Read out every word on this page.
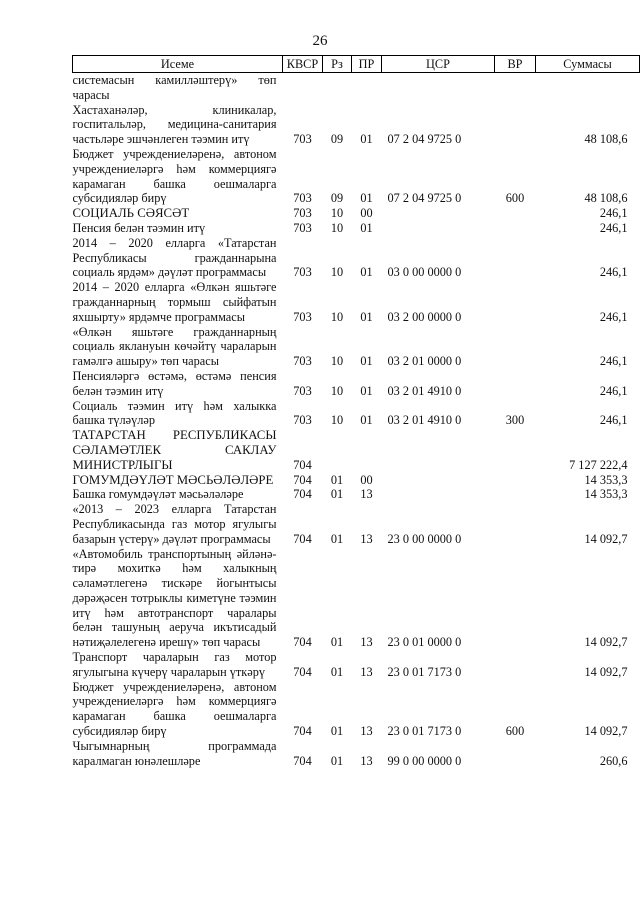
26
Исеме	КВСР	Рз	ПР	ЦСР	ВР	Суммасы
системасын камилләштерү» төп чарасы						
Хастаханәләр, клиникалар, госпитальләр, медицина-санитария частьләре эшчәнлеген тәэмин итү	703	09	01	07 2 04 9725 0		48 108,6
Бюджет учреждениеләренә, автоном учреждениеләргә һәм коммерциягә карамаган башка оешмаларга субсидияләр бирү	703	09	01	07 2 04 9725 0	600	48 108,6
СОЦИАЛЬ СӘЯСӘТ	703	10	00			246,1
Пенсия белән тәэмин итү	703	10	01			246,1
2014 – 2020 елларга «Татарстан Республикасы гражданнарына социаль ярдәм» дәүләт программасы	703	10	01	03 0 00 0000 0		246,1
2014 – 2020 елларга «Өлкән яшьтәге гражданнарның тормыш сыйфатын яхшырту» ярдәмче программасы	703	10	01	03 2 00 0000 0		246,1
«Өлкән яшьтәге гражданнарның социаль яклануын көчәйтү чараларын гамәлгә ашыру» төп чарасы	703	10	01	03 2 01 0000 0		246,1
Пенсияләргә өстәмә, өстәмә пенсия белән тәэмин итү	703	10	01	03 2 01 4910 0		246,1
Социаль тәэмин итү һәм халыкка башка түләүләр	703	10	01	03 2 01 4910 0	300	246,1
ТАТАРСТАН РЕСПУБЛИКАСЫ СӘЛАМӘТЛЕК САКЛАУ МИНИСТРЛЫГЫ	704					7 127 222,4
ГОМУМДӘҮЛӘТ МӘСЬӘЛӘЛӘРЕ	704	01	00			14 353,3
Башка гомумдәүләт мәсьәләләре	704	01	13			14 353,3
«2013 – 2023 елларга Татарстан Республикасында газ мотор ягулыгы базарын үстерү» дәүләт программасы	704	01	13	23 0 00 0000 0		14 092,7
«Автомобиль транспортының әйләнә-тирә мохиткә һәм халыкның сәламәтлегенә тискәре йогынтысы дәрәҗәсен тотрыклы киметүне тәэмин итү һәм автотранспорт чаралары белән ташуның аеруча икътисадый нәтиҗәлелегенә ирешү» төп чарасы	704	01	13	23 0 01 0000 0		14 092,7
Транспорт чараларын газ мотор ягулыгына күчерү чараларын үткәрү	704	01	13	23 0 01 7173 0		14 092,7
Бюджет учреждениеләренә, автоном учреждениеләргә һәм коммерциягә карамаган башка оешмаларга субсидияләр бирү	704	01	13	23 0 01 7173 0	600	14 092,7
Чыгымнарның программада каралмаган юнәлешләре	704	01	13	99 0 00 0000 0		260,6
